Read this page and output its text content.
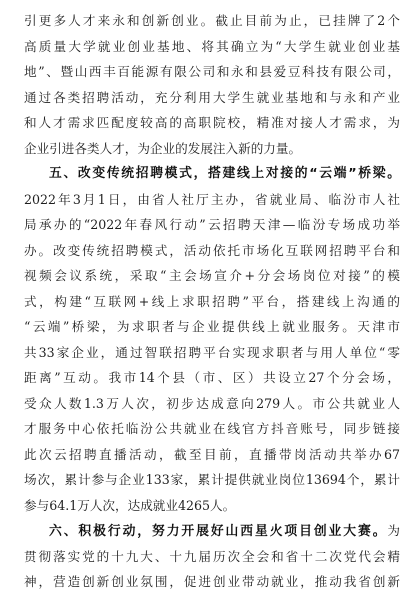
引更多人才来永和创新创业。截止目前为止，已挂牌了2个
高质量大学就业创业基地、将其确立为“大学生就业创业基
地”、暨山西丰百能源有限公司和永和县爱豆科技有限公司，
通过各类招聘活动，充分利用大学生就业基地和与永和产业
和人才需求匹配度较高的高职院校，精准对接人才需求，为
企业引进各类人才，为企业的发展注入新的力量。
五、改变传统招聘模式，搭建线上对接的“云端”桥梁。
2022年3月1日，由省人社厅主办，省就业局、临汾市人社
局承办的“2022年春风行动”云招聘天津—临汾专场成功举
办。改变传统招聘模式，活动依托市场化互联网招聘平台和
视频会议系统，采取“主会场宣介+分会场岗位对接”的模
式，构建“互联网+线上求职招聘”平台，搭建线上沟通的
“云端”桥梁，为求职者与企业提供线上就业服务。天津市
共33家企业，通过智联招聘平台实现求职者与用人单位“零
距离”互动。我市14个县（市、区）共设立27个分会场，
受众人数1.3万人次，初步达成意向279人。市公共就业人
才服务中心依托临汾公共就业在线官方抖音账号，同步链接
此次云招聘直播活动，截至目前，直播带岗活动共举办67
场次，累计参与企业133家，累计提供就业岗位13694个，累计
参与64.1万人次，达成就业4265人。
六、积极行动，努力开展好山西星火项目创业大赛。为
贯彻落实党的十九大、十九届历次全会和省十二次党代会精
神，营造创新创业氛围，促进创业带动就业，推动我省创新
